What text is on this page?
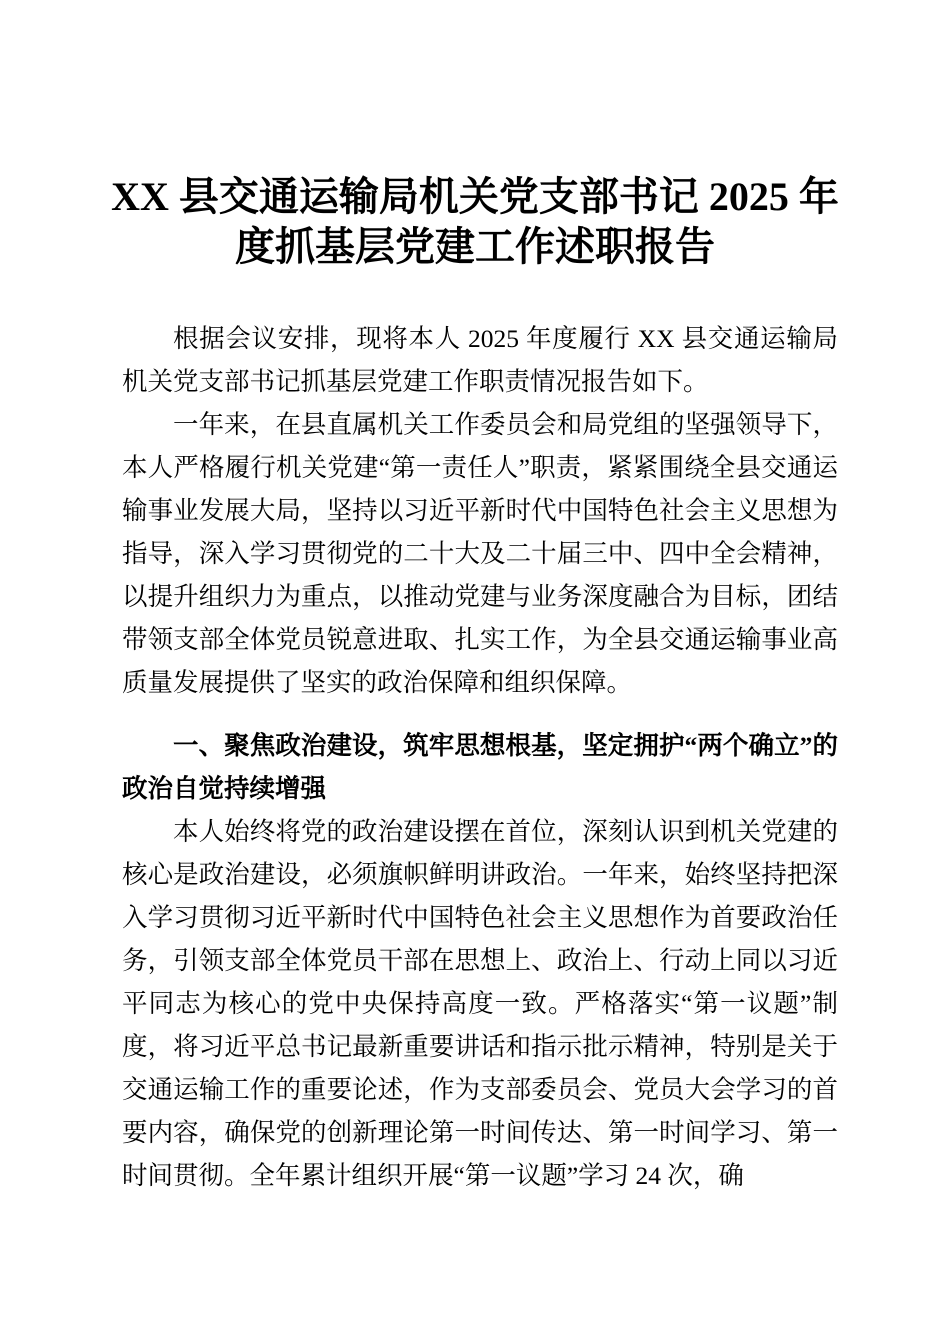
XX 县交通运输局机关党支部书记 2025 年度抓基层党建工作述职报告

根据会议安排，现将本人 2025 年度履行 XX 县交通运输局机关党支部书记抓基层党建工作职责情况报告如下。

一年来，在县直属机关工作委员会和局党组的坚强领导下，本人严格履行机关党建“第一责任人”职责，紧紧围绕全县交通运输事业发展大局，坚持以习近平新时代中国特色社会主义思想为指导，深入学习贯彻党的二十大及二十届三中、四中全会精神，以提升组织力为重点，以推动党建与业务深度融合为目标，团结带领支部全体党员锐意进取、扎实工作，为全县交通运输事业高质量发展提供了坚实的政治保障和组织保障。

一、聚焦政治建设，筑牢思想根基，坚定拥护“两个确立”的政治自觉持续增强

本人始终将党的政治建设摆在首位，深刻认识到机关党建的核心是政治建设，必须旗帜鲜明讲政治。一年来，始终坚持把深入学习贯彻习近平新时代中国特色社会主义思想作为首要政治任务，引领支部全体党员干部在思想上、政治上、行动上同以习近平同志为核心的党中央保持高度一致。严格落实“第一议题”制度，将习近平总书记最新重要讲话和指示批示精神，特别是关于交通运输工作的重要论述，作为支部委员会、党员大会学习的首要内容，确保党的创新理论第一时间传达、第一时间学习、第一时间贯彻。全年累计组织开展“第一议题”学习 24 次，确
